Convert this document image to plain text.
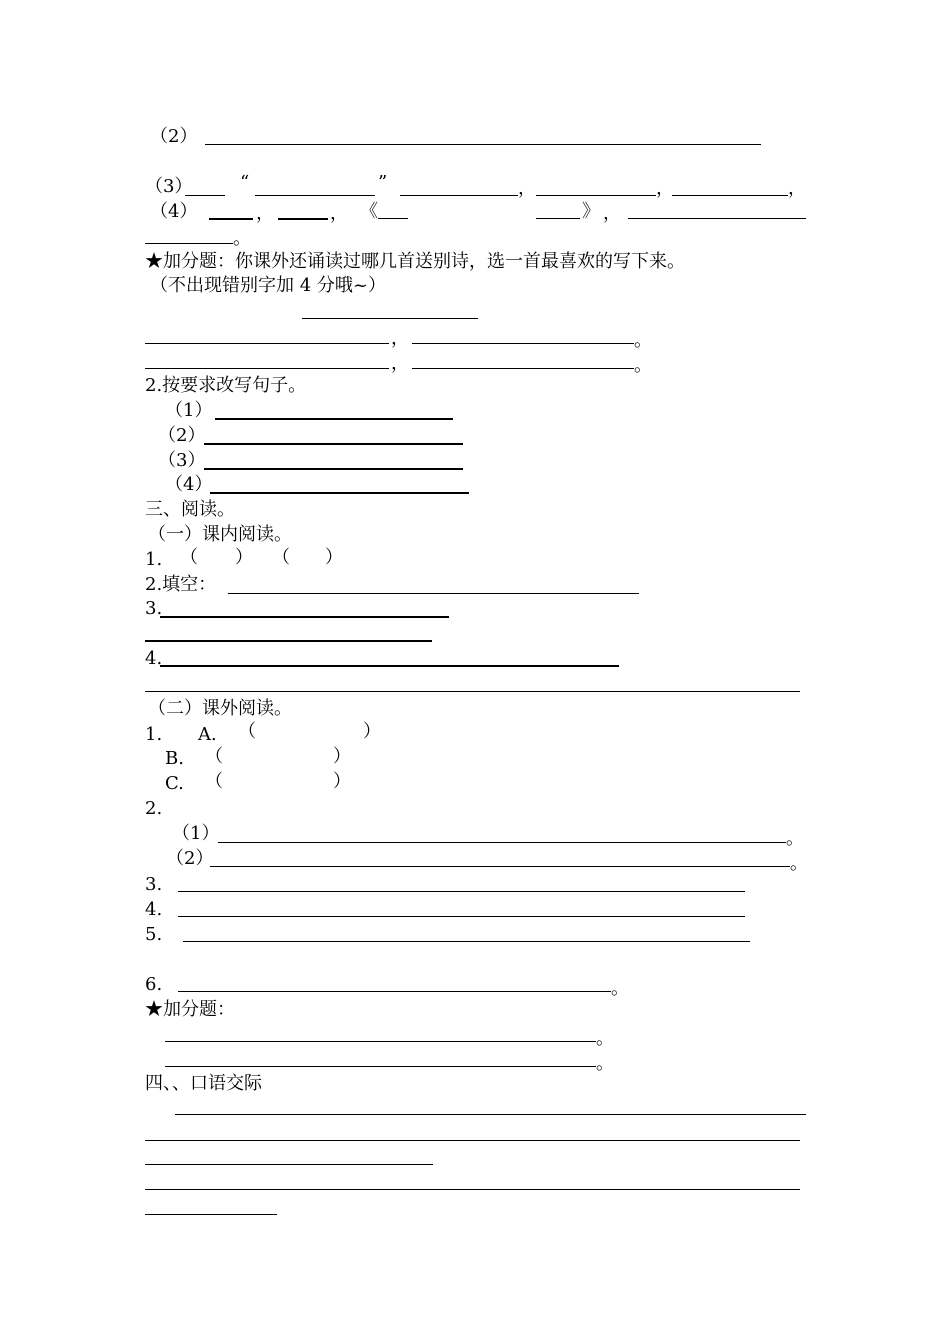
（2）
（3）	“	”	，	，	，
（4）	，	， 《	》 ，
。
★加分题：你课外还诵读过哪几首送别诗，选一首最喜欢的写下来。
（不出现错别字加 4 分哦~）
，	。
，	。
2.按要求改写句子。
（1）
（2）
（3）
（4）
三、阅读。
（一）课内阅读。
1. （ ） （ ）
2.填空：
3.
4.
（二）课外阅读。
1. A. （	）
B. （	）
C. （	）
2.
（1）	。
（2）	。
3.
4.
5.
6.	。
★加分题：
。
。
四、、口语交际
